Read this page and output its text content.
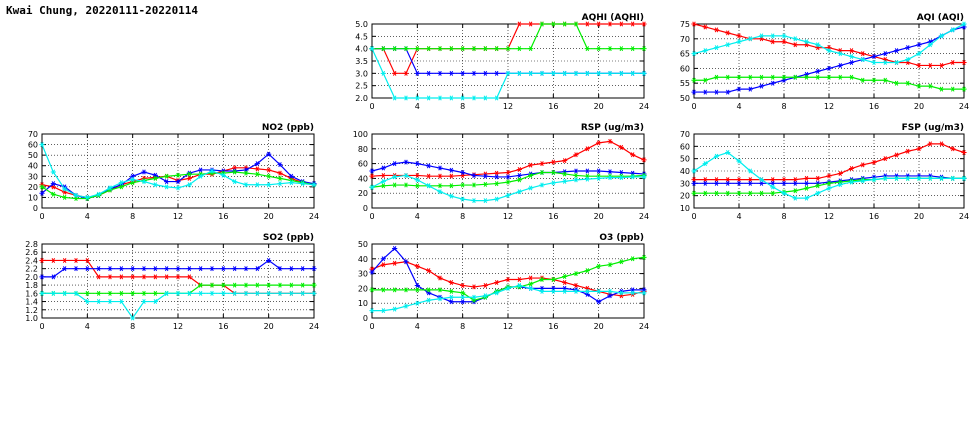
Kwai Chung, 20220111-20220114
0	4	8	12	16	20	24
2.0
2.5
3.0
3.5
4.0
4.5
5.0
AQHI (AQHI)
0	4	8	12	16	20	24
50
55
60
65
70
75
AQI (AQI)
0	4	8	12	16	20	24
0
10
20
30
40
50
60
70
NO2 (ppb)
0	4	8	12	16	20	24
0
20
40
60
80
100
RSP (ug/m3)
0	4	8	12	16	20	24
10
20
30
40
50
60
70
FSP (ug/m3)
0	4	8	12	16	20	24
1.0
1.2
1.4
1.6
1.8
2.0
2.2
2.4
2.6
2.8
SO2 (ppb)
0	4	8	12	16	20	24
0
10
20
30
40
50
O3 (ppb)
